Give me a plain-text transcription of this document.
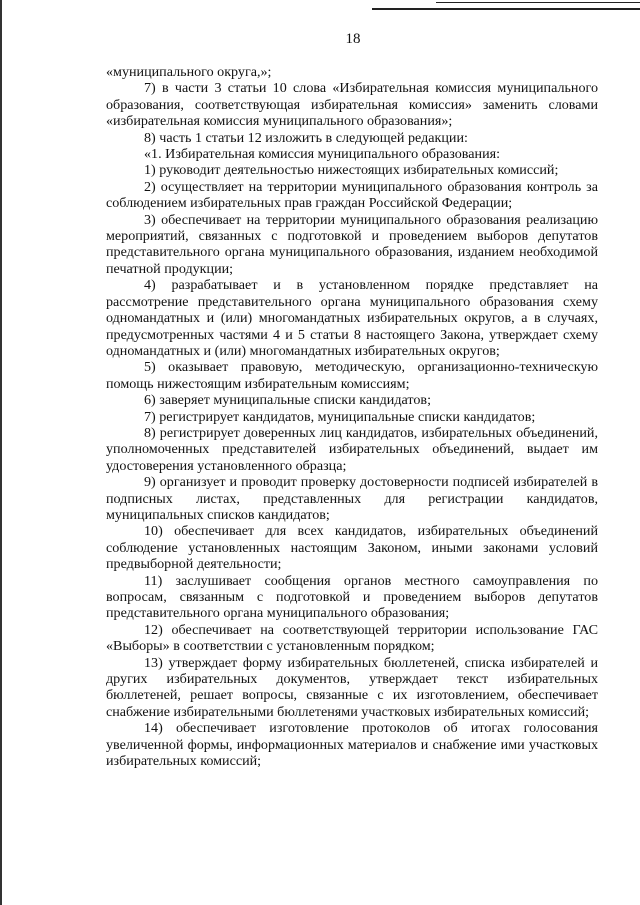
18

«муниципального округа,»;

7) в части 3 статьи 10 слова «Избирательная комиссия муниципального образования, соответствующая избирательная комиссия» заменить словами «избирательная комиссия муниципального образования»;

8) часть 1 статьи 12 изложить в следующей редакции:

«1. Избирательная комиссия муниципального образования:

1) руководит деятельностью нижестоящих избирательных комиссий;

2) осуществляет на территории муниципального образования контроль за соблюдением избирательных прав граждан Российской Федерации;

3) обеспечивает на территории муниципального образования реализацию мероприятий, связанных с подготовкой и проведением выборов депутатов представительного органа муниципального образования, изданием необходимой печатной продукции;

4) разрабатывает и в установленном порядке представляет на рассмотрение представительного органа муниципального образования схему одномандатных и (или) многомандатных избирательных округов, а в случаях, предусмотренных частями 4 и 5 статьи 8 настоящего Закона, утверждает схему одномандатных и (или) многомандатных избирательных округов;

5) оказывает правовую, методическую, организационно-техническую помощь нижестоящим избирательным комиссиям;

6) заверяет муниципальные списки кандидатов;

7) регистрирует кандидатов, муниципальные списки кандидатов;

8) регистрирует доверенных лиц кандидатов, избирательных объединений, уполномоченных представителей избирательных объединений, выдает им удостоверения установленного образца;

9) организует и проводит проверку достоверности подписей избирателей в подписных листах, представленных для регистрации кандидатов, муниципальных списков кандидатов;

10) обеспечивает для всех кандидатов, избирательных объединений соблюдение установленных настоящим Законом, иными законами условий предвыборной деятельности;

11) заслушивает сообщения органов местного самоуправления по вопросам, связанным с подготовкой и проведением выборов депутатов представительного органа муниципального образования;

12) обеспечивает на соответствующей территории использование ГАС «Выборы» в соответствии с установленным порядком;

13) утверждает форму избирательных бюллетеней, списка избирателей и других избирательных документов, утверждает текст избирательных бюллетеней, решает вопросы, связанные с их изготовлением, обеспечивает снабжение избирательными бюллетенями участковых избирательных комиссий;

14) обеспечивает изготовление протоколов об итогах голосования увеличенной формы, информационных материалов и снабжение ими участковых избирательных комиссий;
